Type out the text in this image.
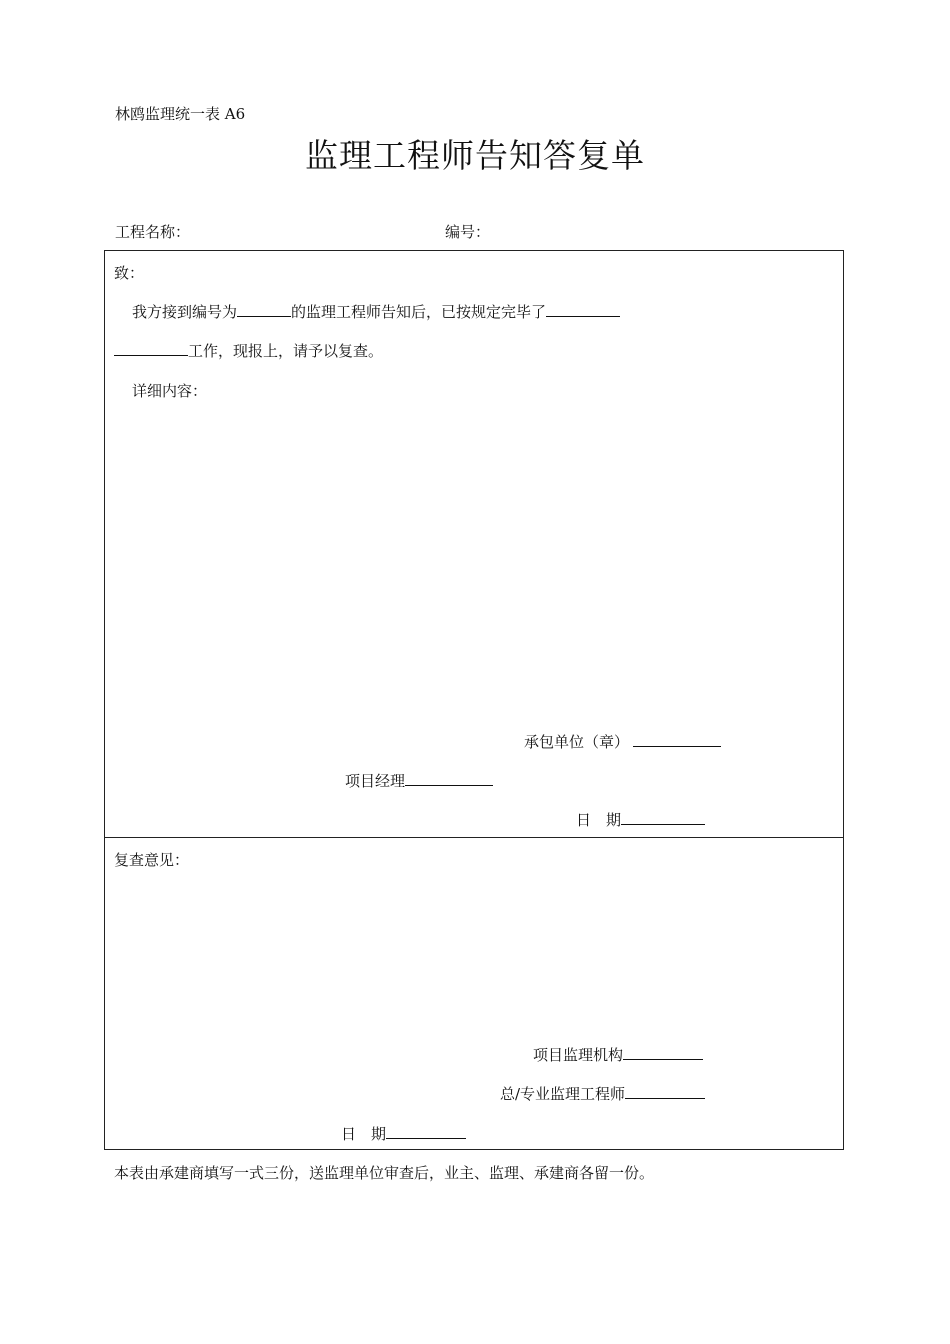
林鸥监理统一表 A6
监理工程师告知答复单
工程名称：	编号：
致：
我方接到编号为	的监理工程师告知后，已按规定完毕了
工作，现报上，请予以复查。
详细内容：
承包单位（章）
项目经理
日　期
复查意见：
项目监理机构
总/专业监理工程师
日　期
本表由承建商填写一式三份，送监理单位审查后，业主、监理、承建商各留一份。
